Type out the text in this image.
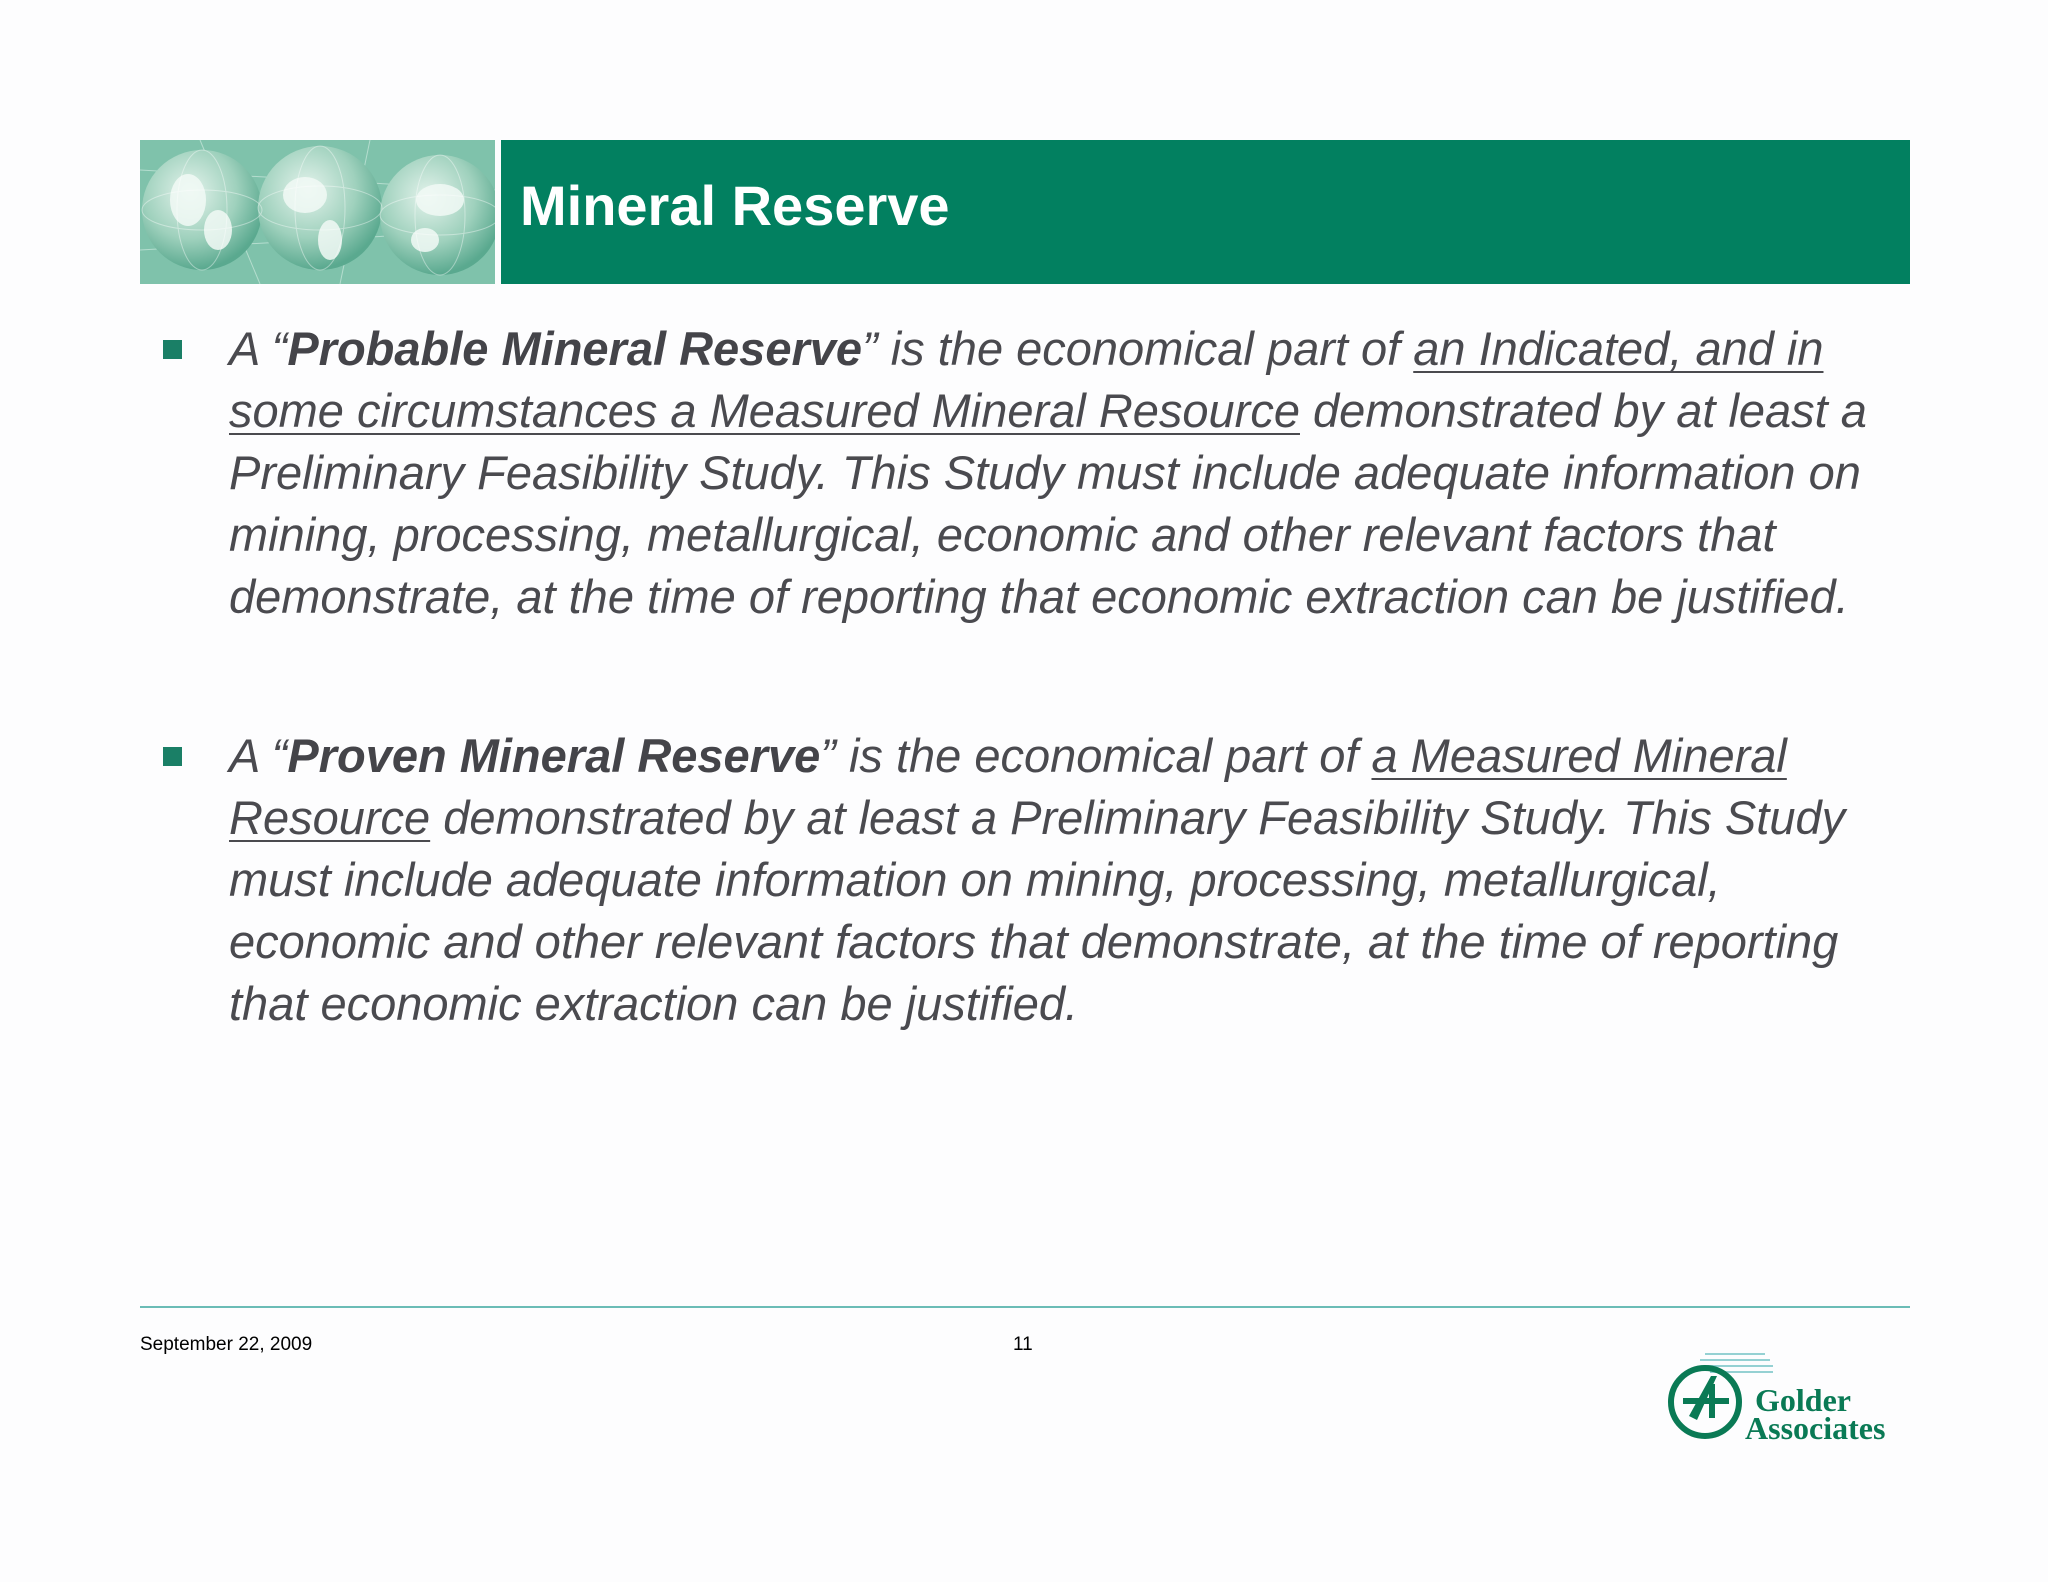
Mineral Reserve
A “Probable Mineral Reserve” is the economical part of an Indicated, and in some circumstances a Measured Mineral Resource demonstrated by at least a Preliminary Feasibility Study. This Study must include adequate information on mining, processing, metallurgical, economic and other relevant factors that demonstrate, at the time of reporting that economic extraction can be justified.
A “Proven Mineral Reserve” is the economical part of a Measured Mineral Resource demonstrated by at least a Preliminary Feasibility Study. This Study must include adequate information on mining, processing, metallurgical, economic and other relevant factors that demonstrate, at the time of reporting that economic extraction can be justified.
September 22, 2009	11
Golder
Associates
